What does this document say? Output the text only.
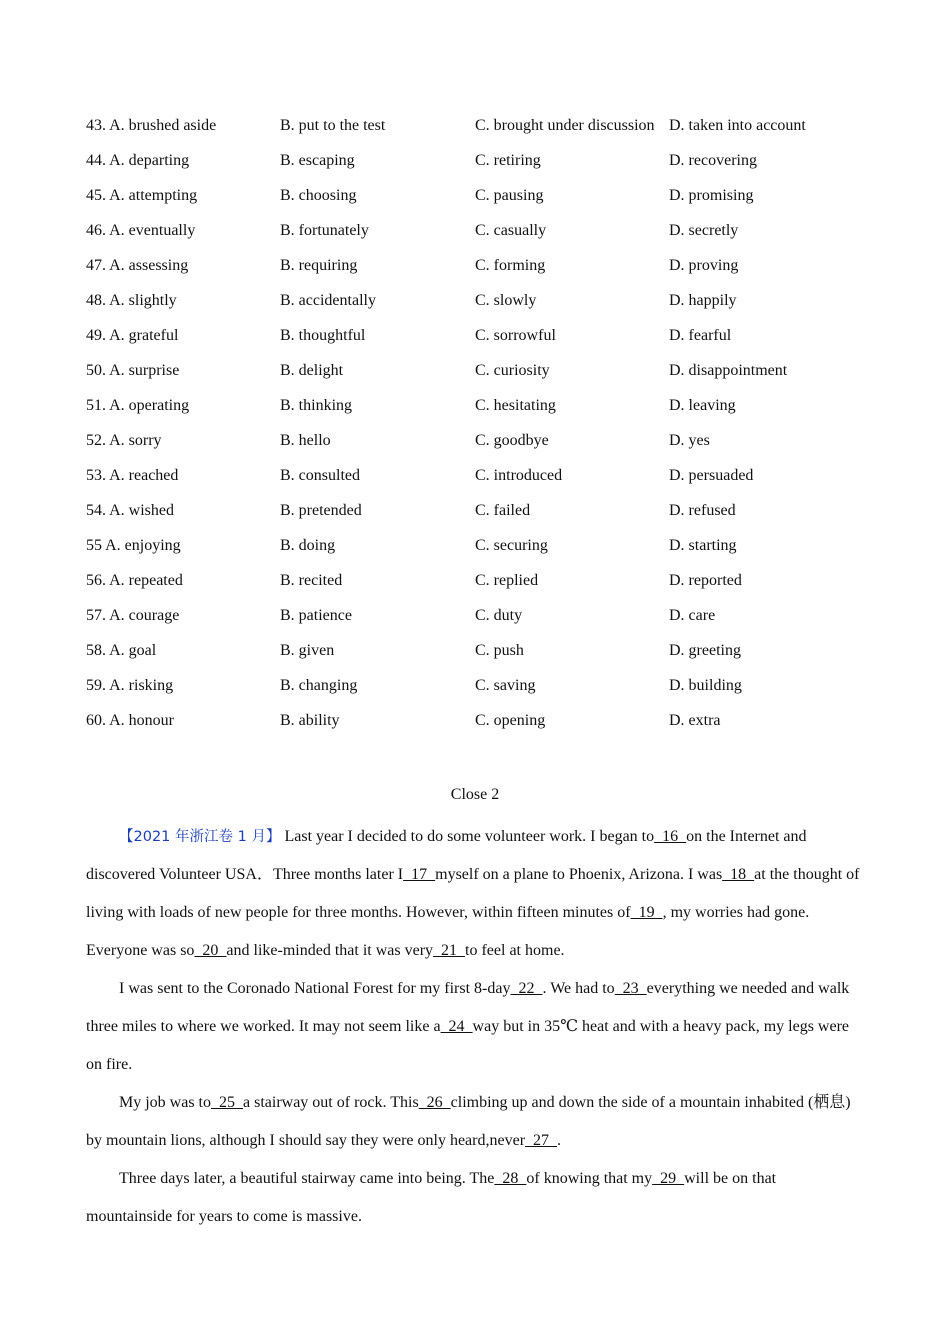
43. A. brushed aside	B. put to the test	C. brought under discussion D. taken into account
44. A. departing	B. escaping	C. retiring	D. recovering
45. A. attempting	B. choosing	C. pausing	D. promising
46. A. eventually	B. fortunately	C. casually	D. secretly
47. A. assessing	B. requiring	C. forming	D. proving
48. A. slightly	B. accidentally	C. slowly	D. happily
49. A. grateful	B. thoughtful	C. sorrowful	D. fearful
50. A. surprise	B. delight	C. curiosity	D. disappointment
51. A. operating	B. thinking	C. hesitating	D. leaving
52. A. sorry	B. hello	C. goodbye	D. yes
53. A. reached	B. consulted	C. introduced	D. persuaded
54. A. wished	B. pretended	C. failed	D. refused
55 A. enjoying	B. doing	C. securing	D. starting
56. A. repeated	B. recited	C. replied	D. reported
57. A. courage	B. patience	C. duty	D. care
58. A. goal	B. given	C. push	D. greeting
59. A. risking	B. changing	C. saving	D. building
60. A. honour	B. ability	C. opening	D. extra
Close 2

【2021 年浙江卷 1 月】 Last year I decided to do some volunteer work. I began to  16  on the Internet and discovered Volunteer USA．Three months later I  17  myself on a plane to Phoenix, Arizona. I was  18  at the thought of living with loads of new people for three months. However, within fifteen minutes of  19  , my worries had gone. Everyone was so  20  and like-minded that it was very  21  to feel at home.

I was sent to the Coronado National Forest for my first 8-day  22  . We had to  23  everything we needed and walk three miles to where we worked. It may not seem like a  24  way but in 35℃ heat and with a heavy pack, my legs were on fire.

My job was to  25  a stairway out of rock. This  26  climbing up and down the side of a mountain inhabited (栖息) by mountain lions, although I should say they were only heard,never  27  .

Three days later, a beautiful stairway came into being. The  28  of knowing that my  29  will be on that mountainside for years to come is massive.
